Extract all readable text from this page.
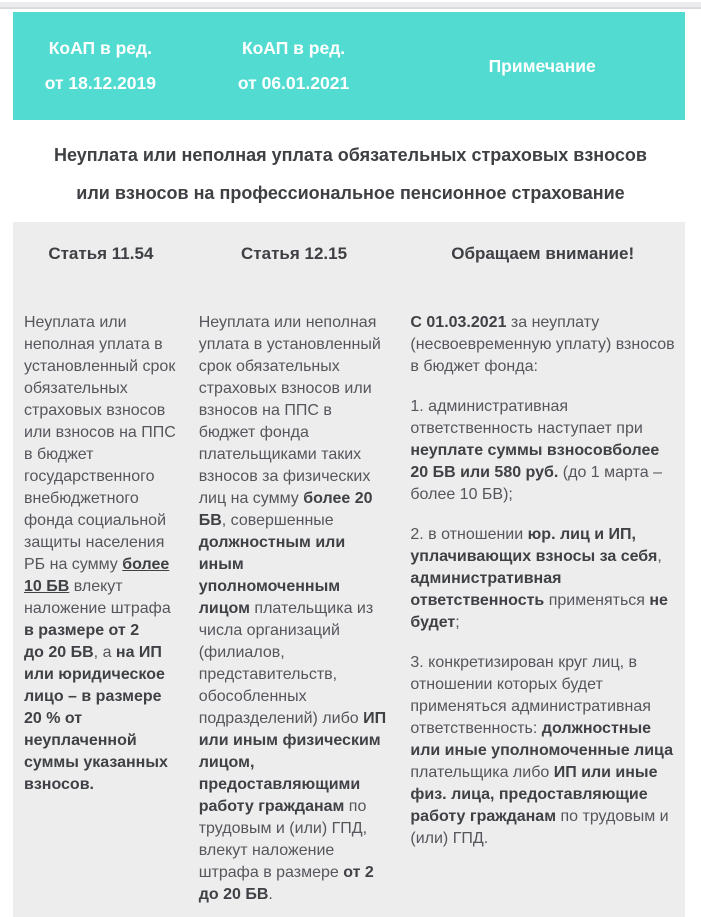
КоАП в ред.

от 18.12.2019

КоАП в ред.

от 06.01.2021

Примечание

Неуплата или неполная уплата обязательных страховых взносов

или взносов на профессиональное пенсионное страхование

Статья 11.54

Неуплата или неполная уплата в установленный срок обязательных страховых взносов или взносов на ППС в бюджет государственного внебюджетного фонда социальной защиты населения РБ на сумму более 10 БВ влекут наложение штрафа в размере от 2 до 20 БВ, а на ИП или юридическое лицо – в размере 20 % от неуплаченной суммы указанных взносов.

Статья 12.15

Неуплата или неполная уплата в установленный срок обязательных страховых взносов или взносов на ППС в бюджет фонда плательщиками таких взносов за физических лиц на сумму более 20 БВ, совершенные должностным или иным уполномоченным лицом плательщика из числа организаций (филиалов, представительств, обособленных подразделений) либо ИП или иным физическим лицом, предоставляющими работу гражданам по трудовым и (или) ГПД, влекут наложение штрафа в размере от 2 до 20 БВ.

Обращаем внимание!

С 01.03.2021 за неуплату (несвоевременную уплату) взносов в бюджет фонда:

1. административная ответственность наступает при неуплате суммы взносовболее 20 БВ или 580 руб. (до 1 марта – более 10 БВ);

2. в отношении юр. лиц и ИП, уплачивающих взносы за себя, административная ответственность применяться не будет;

3. конкретизирован круг лиц, в отношении которых будет применяться административная ответственность: должностные или иные уполномоченные лица плательщика либо ИП или иные физ. лица, предоставляющие работу гражданам по трудовым и (или) ГПД.
